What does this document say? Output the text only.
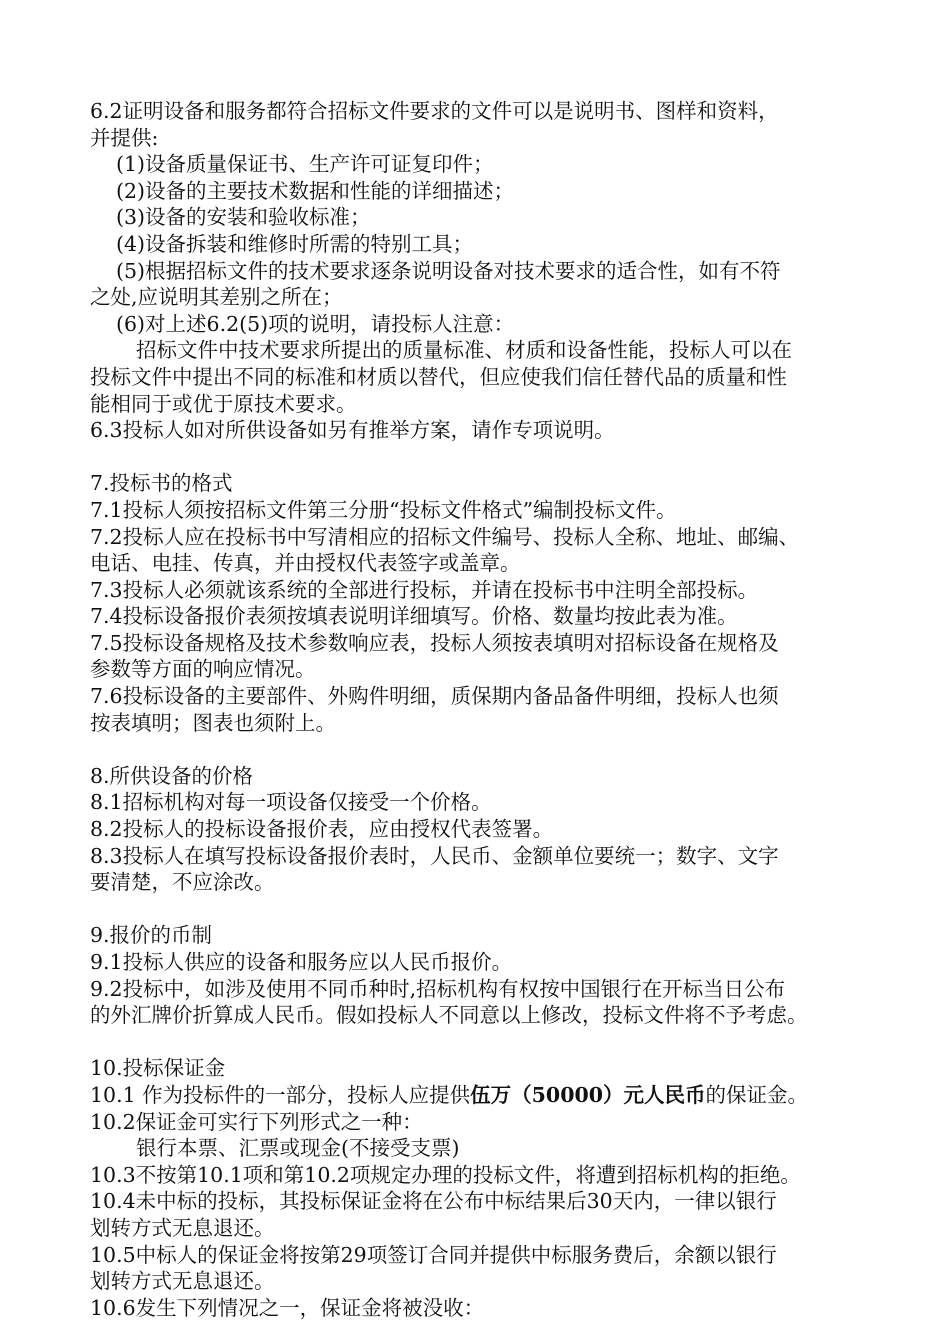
6.2证明设备和服务都符合招标文件要求的文件可以是说明书、图样和资料，
并提供:
(1)设备质量保证书、生产许可证复印件；
(2)设备的主要技术数据和性能的详细描述；
(3)设备的安装和验收标准；
(4)设备拆装和维修时所需的特别工具；
(5)根据招标文件的技术要求逐条说明设备对技术要求的适合性，如有不符
之处,应说明其差别之所在；
(6)对上述6.2(5)项的说明，请投标人注意：
招标文件中技术要求所提出的质量标准、材质和设备性能，投标人可以在
投标文件中提出不同的标准和材质以替代，但应使我们信任替代品的质量和性
能相同于或优于原技术要求。
6.3投标人如对所供设备如另有推举方案，请作专项说明。
7.投标书的格式
7.1投标人须按招标文件第三分册“投标文件格式”编制投标文件。
7.2投标人应在投标书中写清相应的招标文件编号、投标人全称、地址、邮编、
电话、电挂、传真，并由授权代表签字或盖章。
7.3投标人必须就该系统的全部进行投标，并请在投标书中注明全部投标。
7.4投标设备报价表须按填表说明详细填写。价格、数量均按此表为准。
7.5投标设备规格及技术参数响应表，投标人须按表填明对招标设备在规格及
参数等方面的响应情况。
7.6投标设备的主要部件、外购件明细，质保期内备品备件明细，投标人也须
按表填明；图表也须附上。
8.所供设备的价格
8.1招标机构对每一项设备仅接受一个价格。
8.2投标人的投标设备报价表，应由授权代表签署。
8.3投标人在填写投标设备报价表时，人民币、金额单位要统一；数字、文字
要清楚，不应涂改。
9.报价的币制
9.1投标人供应的设备和服务应以人民币报价。
9.2投标中，如涉及使用不同币种时,招标机构有权按中国银行在开标当日公布
的外汇牌价折算成人民币。假如投标人不同意以上修改，投标文件将不予考虑。
10.投标保证金
10.1 作为投标件的一部分，投标人应提供伍万（50000）元人民币的保证金。
10.2保证金可实行下列形式之一种：
银行本票、汇票或现金(不接受支票)
10.3不按第10.1项和第10.2项规定办理的投标文件，将遭到招标机构的拒绝。
10.4未中标的投标，其投标保证金将在公布中标结果后30天内，一律以银行
划转方式无息退还。
10.5中标人的保证金将按第29项签订合同并提供中标服务费后，余额以银行
划转方式无息退还。
10.6发生下列情况之一，保证金将被没收：
